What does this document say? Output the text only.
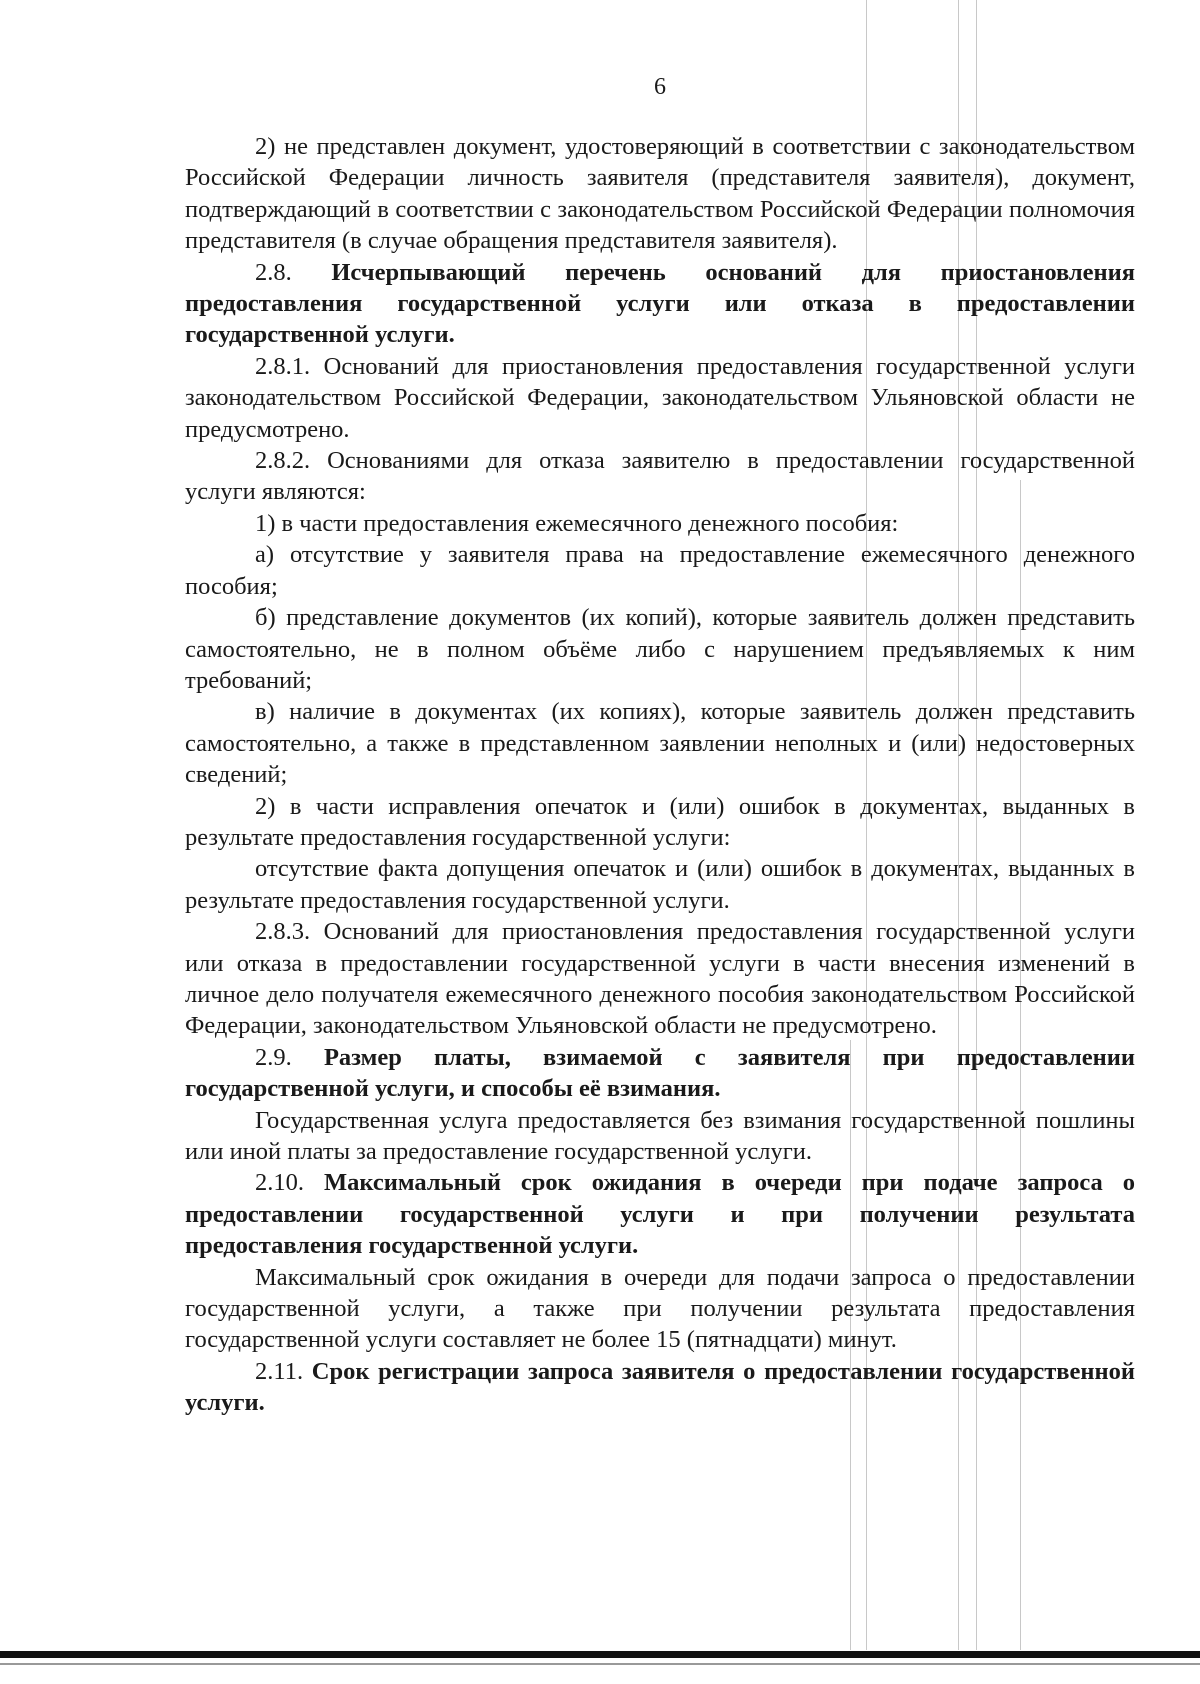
6

2) не представлен документ, удостоверяющий в соответствии с законодательством Российской Федерации личность заявителя (представителя заявителя), документ, подтверждающий в соответствии с законодательством Российской Федерации полномочия представителя (в случае обращения представителя заявителя).

2.8. Исчерпывающий перечень оснований для приостановления предоставления государственной услуги или отказа в предоставлении государственной услуги.

2.8.1. Оснований для приостановления предоставления государственной услуги законодательством Российской Федерации, законодательством Ульяновской области не предусмотрено.

2.8.2. Основаниями для отказа заявителю в предоставлении государственной услуги являются:

1) в части предоставления ежемесячного денежного пособия:

а) отсутствие у заявителя права на предоставление ежемесячного денежного пособия;

б) представление документов (их копий), которые заявитель должен представить самостоятельно, не в полном объёме либо с нарушением предъявляемых к ним требований;

в) наличие в документах (их копиях), которые заявитель должен представить самостоятельно, а также в представленном заявлении неполных и (или) недостоверных сведений;

2) в части исправления опечаток и (или) ошибок в документах, выданных в результате предоставления государственной услуги:

отсутствие факта допущения опечаток и (или) ошибок в документах, выданных в результате предоставления государственной услуги.

2.8.3. Оснований для приостановления предоставления государственной услуги или отказа в предоставлении государственной услуги в части внесения изменений в личное дело получателя ежемесячного денежного пособия законодательством Российской Федерации, законодательством Ульяновской области не предусмотрено.

2.9. Размер платы, взимаемой с заявителя при предоставлении государственной услуги, и способы её взимания.

Государственная услуга предоставляется без взимания государственной пошлины или иной платы за предоставление государственной услуги.

2.10. Максимальный срок ожидания в очереди при подаче запроса о предоставлении государственной услуги и при получении результата предоставления государственной услуги.

Максимальный срок ожидания в очереди для подачи запроса о предоставлении государственной услуги, а также при получении результата предоставления государственной услуги составляет не более 15 (пятнадцати) минут.

2.11. Срок регистрации запроса заявителя о предоставлении государственной услуги.
